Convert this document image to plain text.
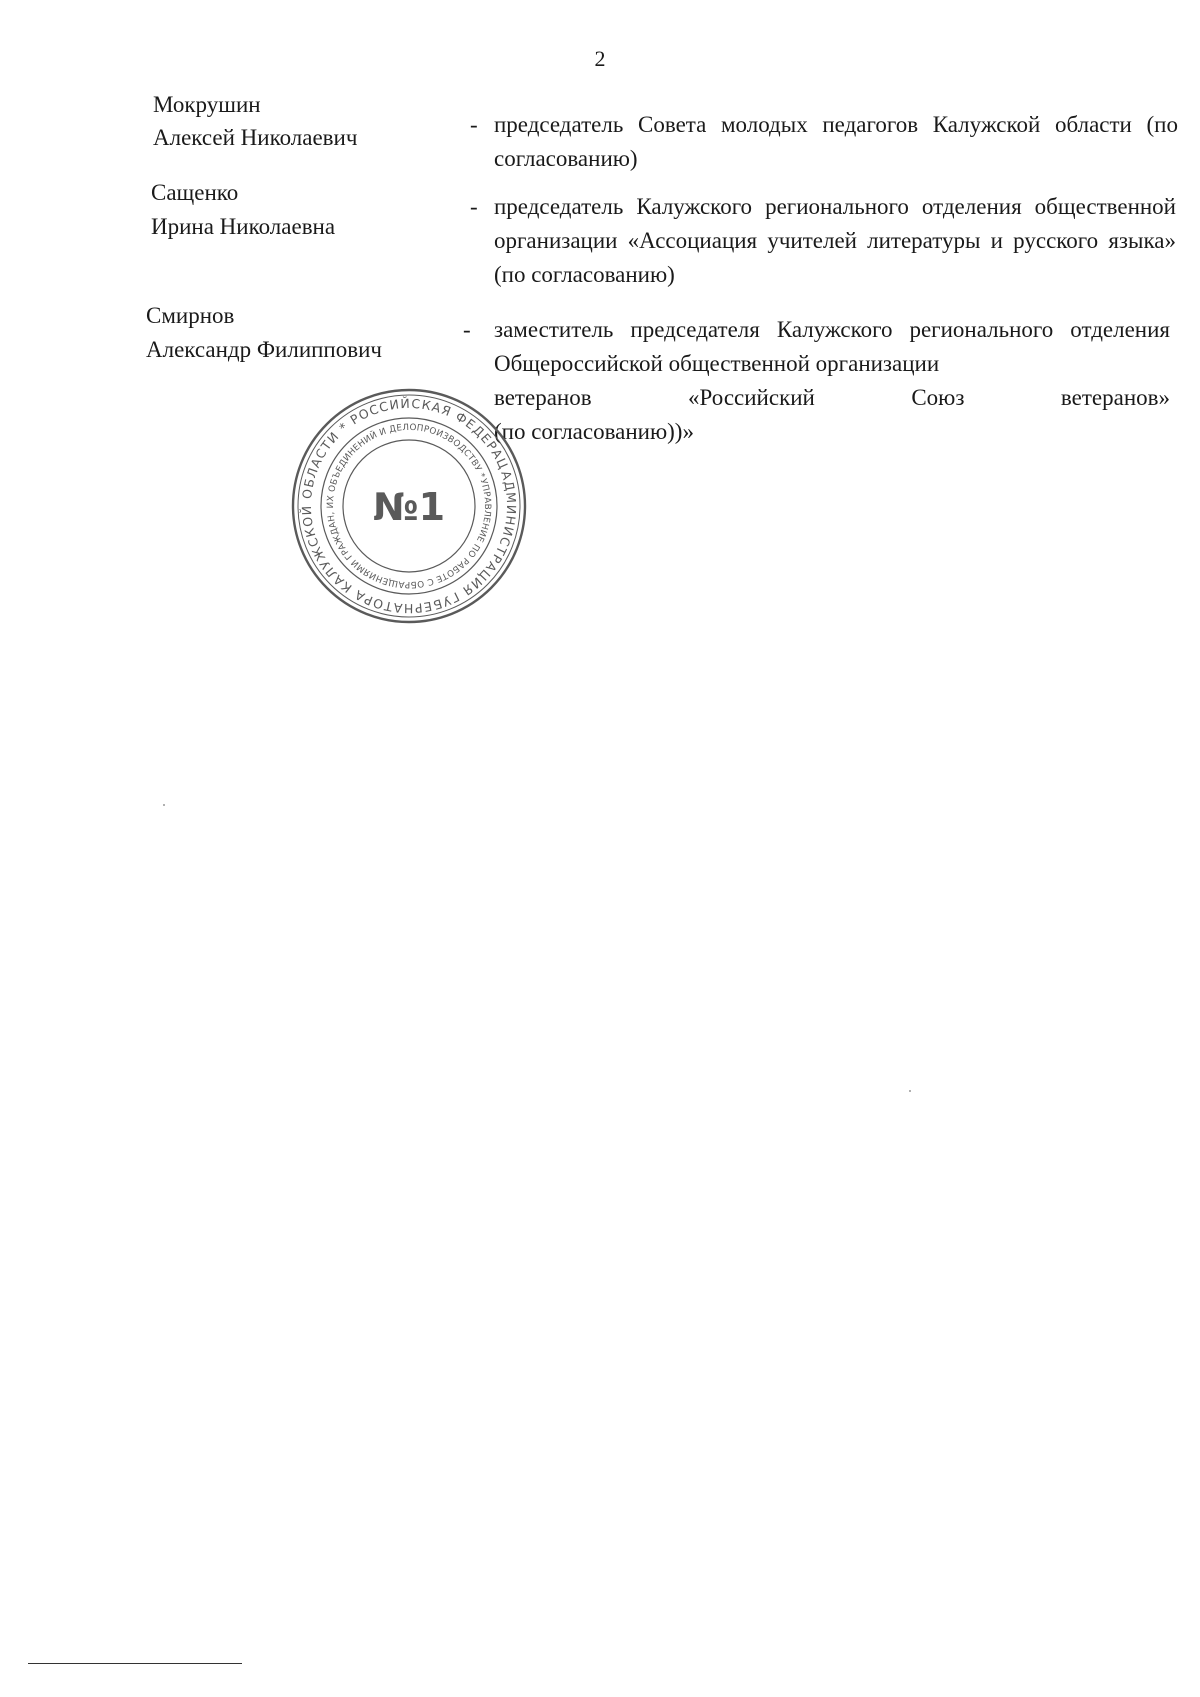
2
Мокрушин
Алексей Николаевич
- председатель Совета молодых педагогов Калужской области (по согласованию)
Сащенко
Ирина Николаевна
- председатель Калужского регионального отделения общественной организации «Ассоциация учителей литературы и русского языка» (по согласованию)
Смирнов
Александр Филиппович
- заместитель председателя Калужского регионального отделения Общероссийской общественной организации
ветеранов «Российский Союз ветеранов»
(по согласованию))»
АДМИНИСТРАЦИЯ ГУБЕРНАТОРА КАЛУЖСКОЙ ОБЛАСТИ * РОССИЙСКАЯ ФЕДЕРАЦИЯ
УПРАВЛЕНИЕ ПО РАБОТЕ С ОБРАЩЕНИЯМИ ГРАЖДАН, ИХ ОБЪЕДИНЕНИЙ И ДЕЛОПРОИЗВОДСТВУ *
№1
